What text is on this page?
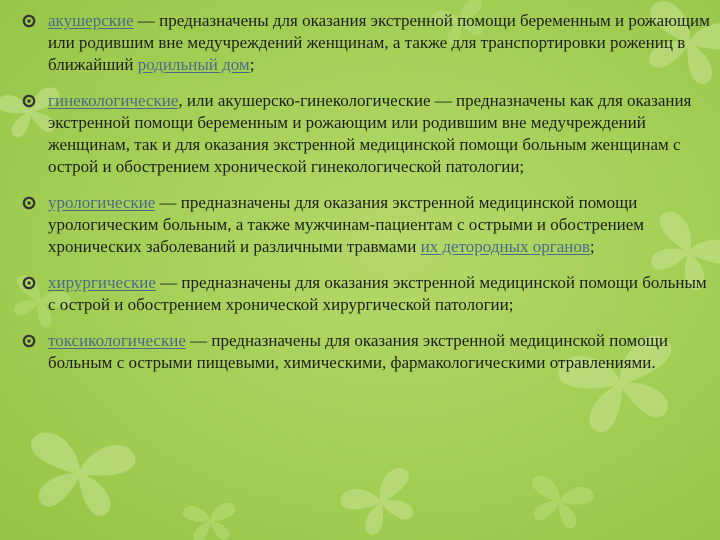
акушерские — предназначены для оказания экстренной помощи беременным и рожающим или родившим вне медучреждений женщинам, а также для транспортировки рожениц в ближайший родильный дом;
гинекологические, или акушерско-гинекологические — предназначены как для оказания экстренной помощи беременным и рожающим или родившим вне медучреждений женщинам, так и для оказания экстренной медицинской помощи больным женщинам с острой и обострением хронической гинекологической патологии;
урологические — предназначены для оказания экстренной медицинской помощи урологическим больным, а также мужчинам-пациентам с острыми и обострением хронических заболеваний и различными травмами их детородных органов;
хирургические — предназначены для оказания экстренной медицинской помощи больным с острой и обострением хронической хирургической патологии;
токсикологические — предназначены для оказания экстренной медицинской помощи больным с острыми пищевыми, химическими, фармакологическими отравлениями.
